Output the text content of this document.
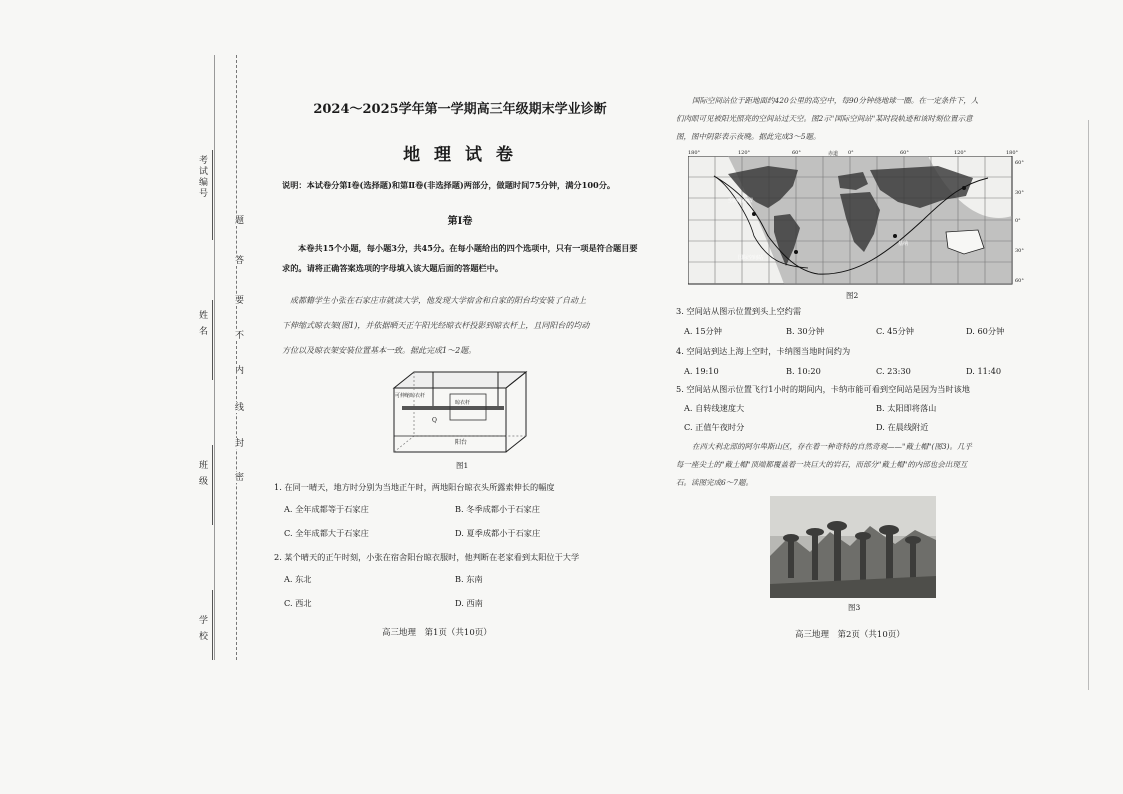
考试编号
姓 名
班 级
学 校
题
答
要
不
内
线
封
密
2024～2025学年第一学期高三年级期末学业诊断
地 理 试 卷
说明：本试卷分第Ⅰ卷(选择题)和第Ⅱ卷(非选择题)两部分，做题时间75分钟，满分100分。
第Ⅰ卷
本卷共15个小题，每小题3分，共45分。在每小题给出的四个选项中，只有一项是符合题目要求的。请将正确答案选项的字母填入该大题后面的答题栏中。
成都籍学生小张在石家庄市就读大学，他发现大学宿舍和自家的阳台均安装了自动上
下伸缩式晾衣架(图1)，并依据晒天正午阳光经晾衣杆投影到晾衣杆上，且同阳台的均动
方位以及晾衣架安装位置基本一致。据此完成1～2题。
可伸缩晾衣杆
晾衣杆
Q
阳台
图1
1. 在同一晴天，地方时分别为当地正午时，两地阳台晾衣头所露索伸长的幅度
A. 全年成都等于石家庄	B. 冬季成都小于石家庄
C. 全年成都大于石家庄	D. 夏季成都小于石家庄
2. 某个晴天的正午时刻，小张在宿舍阳台晾衣服时，他判断在老家看到太阳位于大学
A. 东北	B. 东南
C. 西北	D. 西南
高三地理　第1页（共10页）
国际空间站位于距地面约420公里的高空中，每90分钟绕地球一圈。在一定条件下，人
们肉眼可见被阳光照亮的空间站过天空。图2示"国际空间站"某时段轨迹和该时刻位置示意
图，图中阴影表示夜晚。据此完成3～5题。
180°	120°	60°	赤道 0°	60°	120°	180°
60°
30°
0°
30°
60°
空间站位置
基纳
国际空间站
图2
3. 空间站从图示位置到头上空约需
A. 15分钟	B. 30分钟	C. 45分钟	D. 60分钟
4. 空间站到达上海上空时，卡纳图当地时间约为
A. 19:10	B. 10:20	C. 23:30	D. 11:40
5. 空间站从图示位置飞行1小时的期间内，卡纳市能可看到空间站是因为当时该地
A. 自转线速度大	B. 太阳即将落山
C. 正值午夜时分	D. 在晨线附近
在西大利北部的阿尔卑斯山区，存在着一种奇特的自然奇观——"戴土帽"(图3)。几乎
每一座尖土的"戴土帽"顶端都覆盖着一块巨大的岩石，而部分"戴土帽"的内部也会出现互
石。读图完成6～7题。
图3
高三地理　第2页（共10页）
